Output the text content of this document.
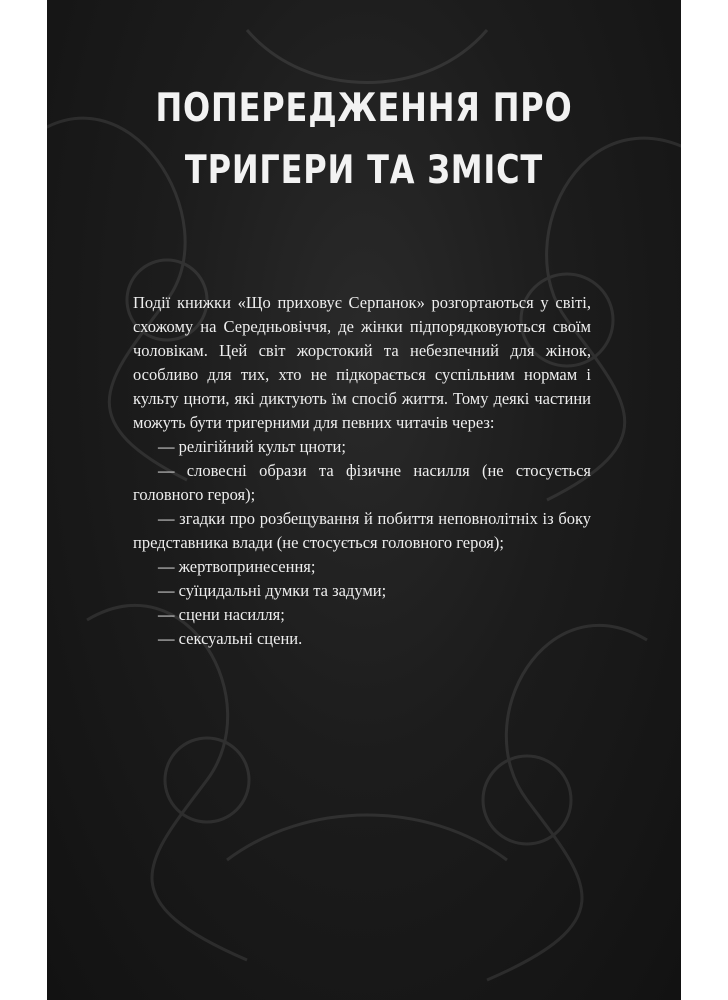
ПОПЕРЕДЖЕННЯ ПРО
ТРИГЕРИ ТА ЗМІСТ

Події книжки «Що приховує Серпанок» розгортаються у світі, схожому на Середньовіччя, де жінки підпорядковуються своїм чоловікам. Цей світ жорстокий та небезпечний для жінок, особливо для тих, хто не підкорається суспільним нормам і культу цноти, які диктують їм спосіб життя. Тому деякі частини можуть бути тригерними для певних читачів через:

— релігійний культ цноти;
— словесні образи та фізичне насилля (не стосується головного героя);
— згадки про розбещування й побиття неповнолітніх із боку представника влади (не стосується головного героя);
— жертвопринесення;
— суїцидальні думки та задуми;
— сцени насилля;
— сексуальні сцени.
